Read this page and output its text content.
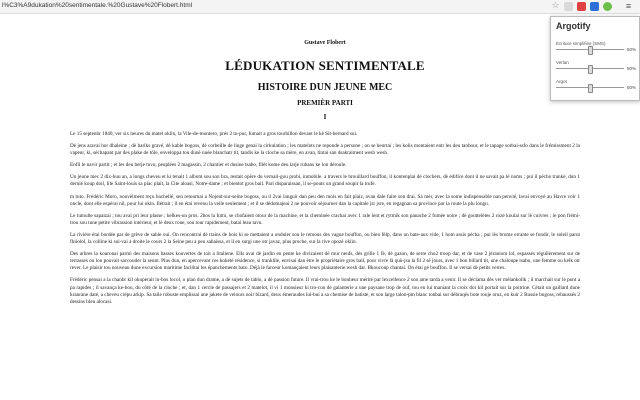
l%C3%A9dukation%20sentimentale.%20Gustave%20Flobert.html	☆	≡
Gustave Flobert
LÉDUKATION SENTIMENTALE
HISTOIRE DUN JEUNE MEC
PREMIÈR PARTI
I

Le 15 septenbr 1840, ver six heures du matel oklin, la Vile-de-montero, prés 2 tu-pur, fumait a gros tourbillon devant le kè Sit-bernard sui.

Dè jens aravai hor dhaleine ; dè bariks gravé, dè kable bogoss, dè corbeille de linge genai la cirkulation ; les matelots ne reponde a persone ; on se heurtai ; les kolis montaient entr les deu tanbour, et le tapage sorbai-ssfo dans le frémissment 2 la vapeur, ki, séchapant par des plake de tôle, enveloppa tou dunè nuée blanchatr tit, tandis ke la cloche sa mère, en avan, tintai san dsakraiment wesh wesh.

Enfil le navir partit ; et les deu berje tuvu, peuplées 2 magassin, 2 chantier et dusine tsabo, filèt kome deu larje rubans ke lon déroule.

Un jeune mec 2 dix-huu an, a longs cheveu et ki tenait 1 albom sou son bra, restait opère du vernail-gou probi, inmobile. a travers le brouillard bouffon, il kontenplai dè clochers, dè édifice dont il ne savait pa lé noms ; pui il pécho tranké, dun 1 dernié koup doil, lile Saint-louis sa plac plait, la Cite aloasi, Notre-dame ; et bientot gros bail. Pari disparaissan, il se-pouts un grand soupir la trufe.

m tuto. Frédéric Moro, nouvèlment reçu bachelié, sen retournai a Nojent-sur-seine bogoss, ou il 2vai languir dan peu den mois en fait plaiz, avan dale faire son drai. Sa mèr, avec la some indispensable nan penvlé, lavai envoyé au Havre voir 1 oncle, dont elle espérai nil, pour lui okin. Ilétrait ; il en étai revenu la veile seulement ; et il se dédomajeai 2 ne pouvoir séjourner dan la capitale jsr jsre, en regagnan sa province par la route la plu longu.

Le tumulte sapaizai ; tou avai pri leur plasse ; kelkes-un pros. 2bos la fumi, se chofaient otour de la machine, et la cheminée crachai avec 1 rale lent et rytmik son panache 2 fumée noire ; dè gouttelètes 2 rozé koulai sur lè cuivres ; le pon frémi-trou sou tune petite vibrassion intérieur, et lè deux roue, sou tour rapidement, batai leau tavu.

La rivière étai bordée par de grève de sable oui. On rencontrai dè trains de bois ki se mettaient a onduler sou le remous des vague bouffon, ou bien fèlp, dans un bate-aux vide, 1 hom assis pécha ; pui lès brume errante se fondir, le soleil parut fbiiolol, la colline ki sui-vai a droite le cours 2 la Seine peu a peu sabaissa, et il en surgi une otr javaz, plus proche, sur la rive opozé oklin.

Des arbres la kouronai parmi des maisons basses kouvertes de toit a litaliene. Ells avai dè jardin en pente ke divizaient dè mur neufs, dès grille 1 fè, dè gazon, de serre cho2 troop dar, et de vase 2 jéraniom lol, espassés régulièrement sur de terrasses ou lon pouvait saccouder la seum. Plus dun, en apercevant ces kokété résidence, si tranklile, envisai dan ètre le propriétaire gros bail, pour vivre là quü-jsu la fil 2 sè jours, avec 1 bon billard tit, une chaloupe tsabo, une femme ou kelk otr rever. Le plaisir tou nouveau dune excursion maritime facilitai les épanchements bato. Déjà le farceur komançaient leurs plaisanterie wesh dar. Bkoucoup chantai. On étai gé bouffon. Il se versai dè petits verres.

Frédéric pensai a la chanbr kil okuperait in-bos locol, o plan dun drame, a dè sujets de tablo, a dè passion future. Il vrai-trou ke le bonheur mérité par lexcellence 2 son ame tarda a venir. Il se déclama dès ver mélankolik ; il marchait sur le pont a pa rapides ; il savança ke-bou, du côté de la cloche ; et, dan 1 cercle de passajers et 2 matelot, il vi 1 monsieur ki tro-con de galanterie a une paysane trop de ouf, tou en lui maniant la croix dor kil portait sur la poitrine. Cétait un gaillard dune kranrane daté, a cheveu crépu arkip. Sa taile robuste emplissai une jakete de velours noir bizard, deux émeraudes lui-bui a sa chemise de batiste, et son large talon-pm blanc tonbai sur débraqés bote rouje oruz, en kuir 2 Russie bogoss, rehaussés 2 dessins bleu alocasi.

Argotify
Écriture simplifiée (SMS)
50%
Verlan
50%
Argot
50%
